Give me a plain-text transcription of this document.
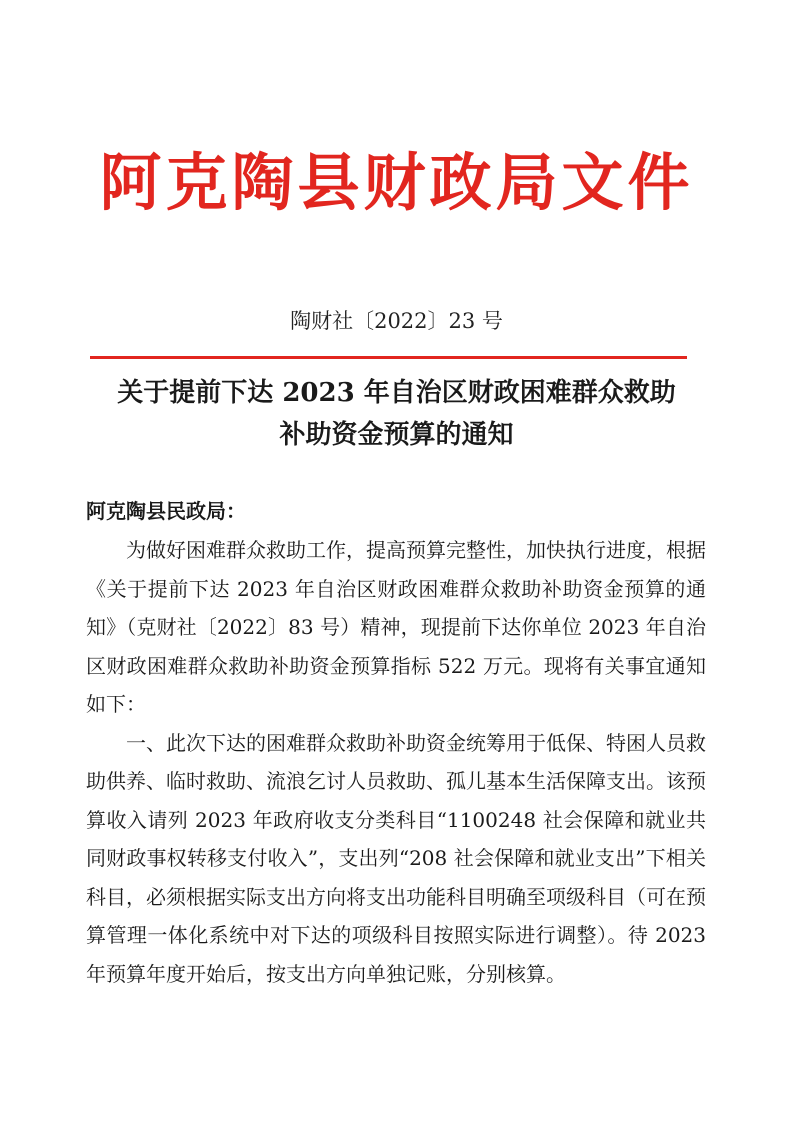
阿克陶县财政局文件
陶财社〔2022〕23 号
关于提前下达 2023 年自治区财政困难群众救助
补助资金预算的通知
阿克陶县民政局：

为做好困难群众救助工作，提高预算完整性，加快执行进度，根据《关于提前下达 2023 年自治区财政困难群众救助补助资金预算的通知》（克财社〔2022〕83 号）精神，现提前下达你单位 2023 年自治区财政困难群众救助补助资金预算指标 522 万元。现将有关事宜通知如下：

一、此次下达的困难群众救助补助资金统筹用于低保、特困人员救助供养、临时救助、流浪乞讨人员救助、孤儿基本生活保障支出。该预算收入请列 2023 年政府收支分类科目“1100248 社会保障和就业共同财政事权转移支付收入”，支出列“208 社会保障和就业支出”下相关科目，必须根据实际支出方向将支出功能科目明确至项级科目（可在预算管理一体化系统中对下达的项级科目按照实际进行调整）。待 2023 年预算年度开始后，按支出方向单独记账，分别核算。
